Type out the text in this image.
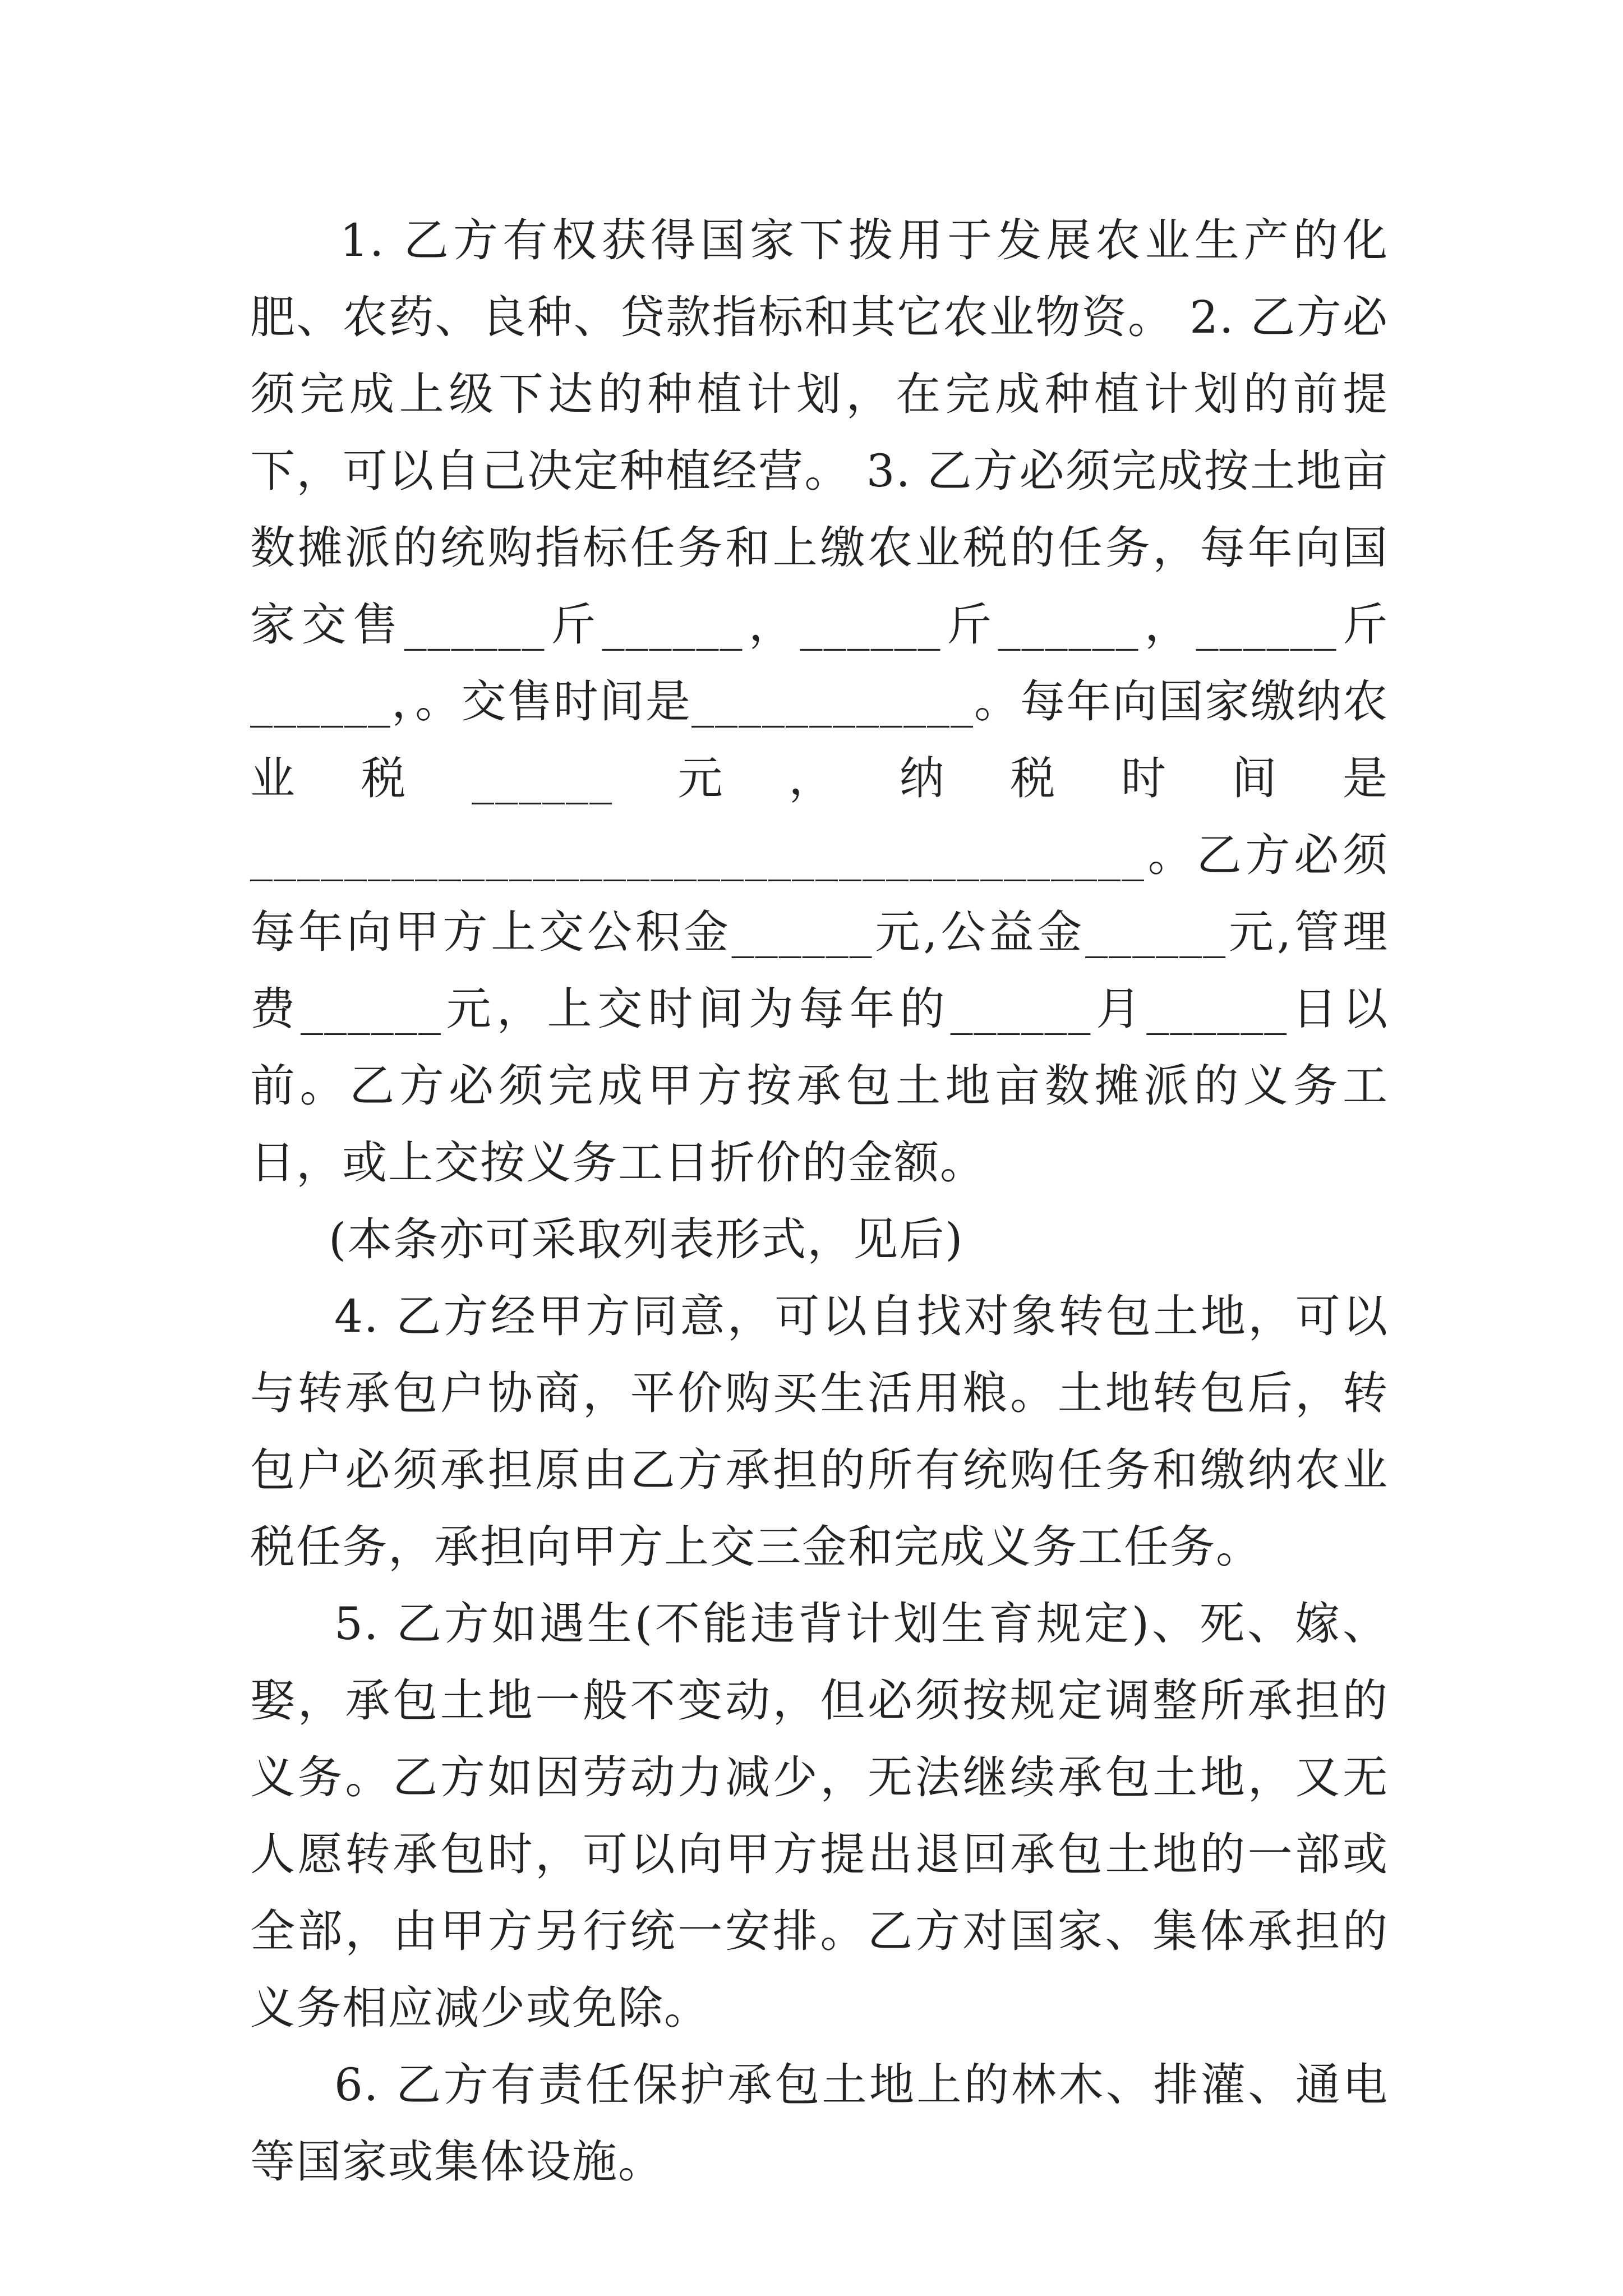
1. 乙方有权获得国家下拨用于发展农业生产的化肥、农药、良种、贷款指标和其它农业物资。 2. 乙方必须完成上级下达的种植计划，在完成种植计划的前提下，可以自己决定种植经营。 3. 乙方必须完成按土地亩数摊派的统购指标任务和上缴农业税的任务，每年向国家交售______斤______，______斤______，______斤______，。交售时间是____________。每年向国家缴纳农业税______元，纳税时间是______________________________________。乙方必须每年向甲方上交公积金______元,公益金______元,管理费______元，上交时间为每年的______月______日以前。乙方必须完成甲方按承包土地亩数摊派的义务工日，或上交按义务工日折价的金额。

(本条亦可采取列表形式，见后)

4. 乙方经甲方同意，可以自找对象转包土地，可以与转承包户协商，平价购买生活用粮。土地转包后，转包户必须承担原由乙方承担的所有统购任务和缴纳农业税任务，承担向甲方上交三金和完成义务工任务。

5. 乙方如遇生(不能违背计划生育规定)、死、嫁、娶，承包土地一般不变动，但必须按规定调整所承担的义务。乙方如因劳动力减少，无法继续承包土地，又无人愿转承包时，可以向甲方提出退回承包土地的一部或全部，由甲方另行统一安排。乙方对国家、集体承担的义务相应减少或免除。

6. 乙方有责任保护承包土地上的林木、排灌、通电等国家或集体设施。
